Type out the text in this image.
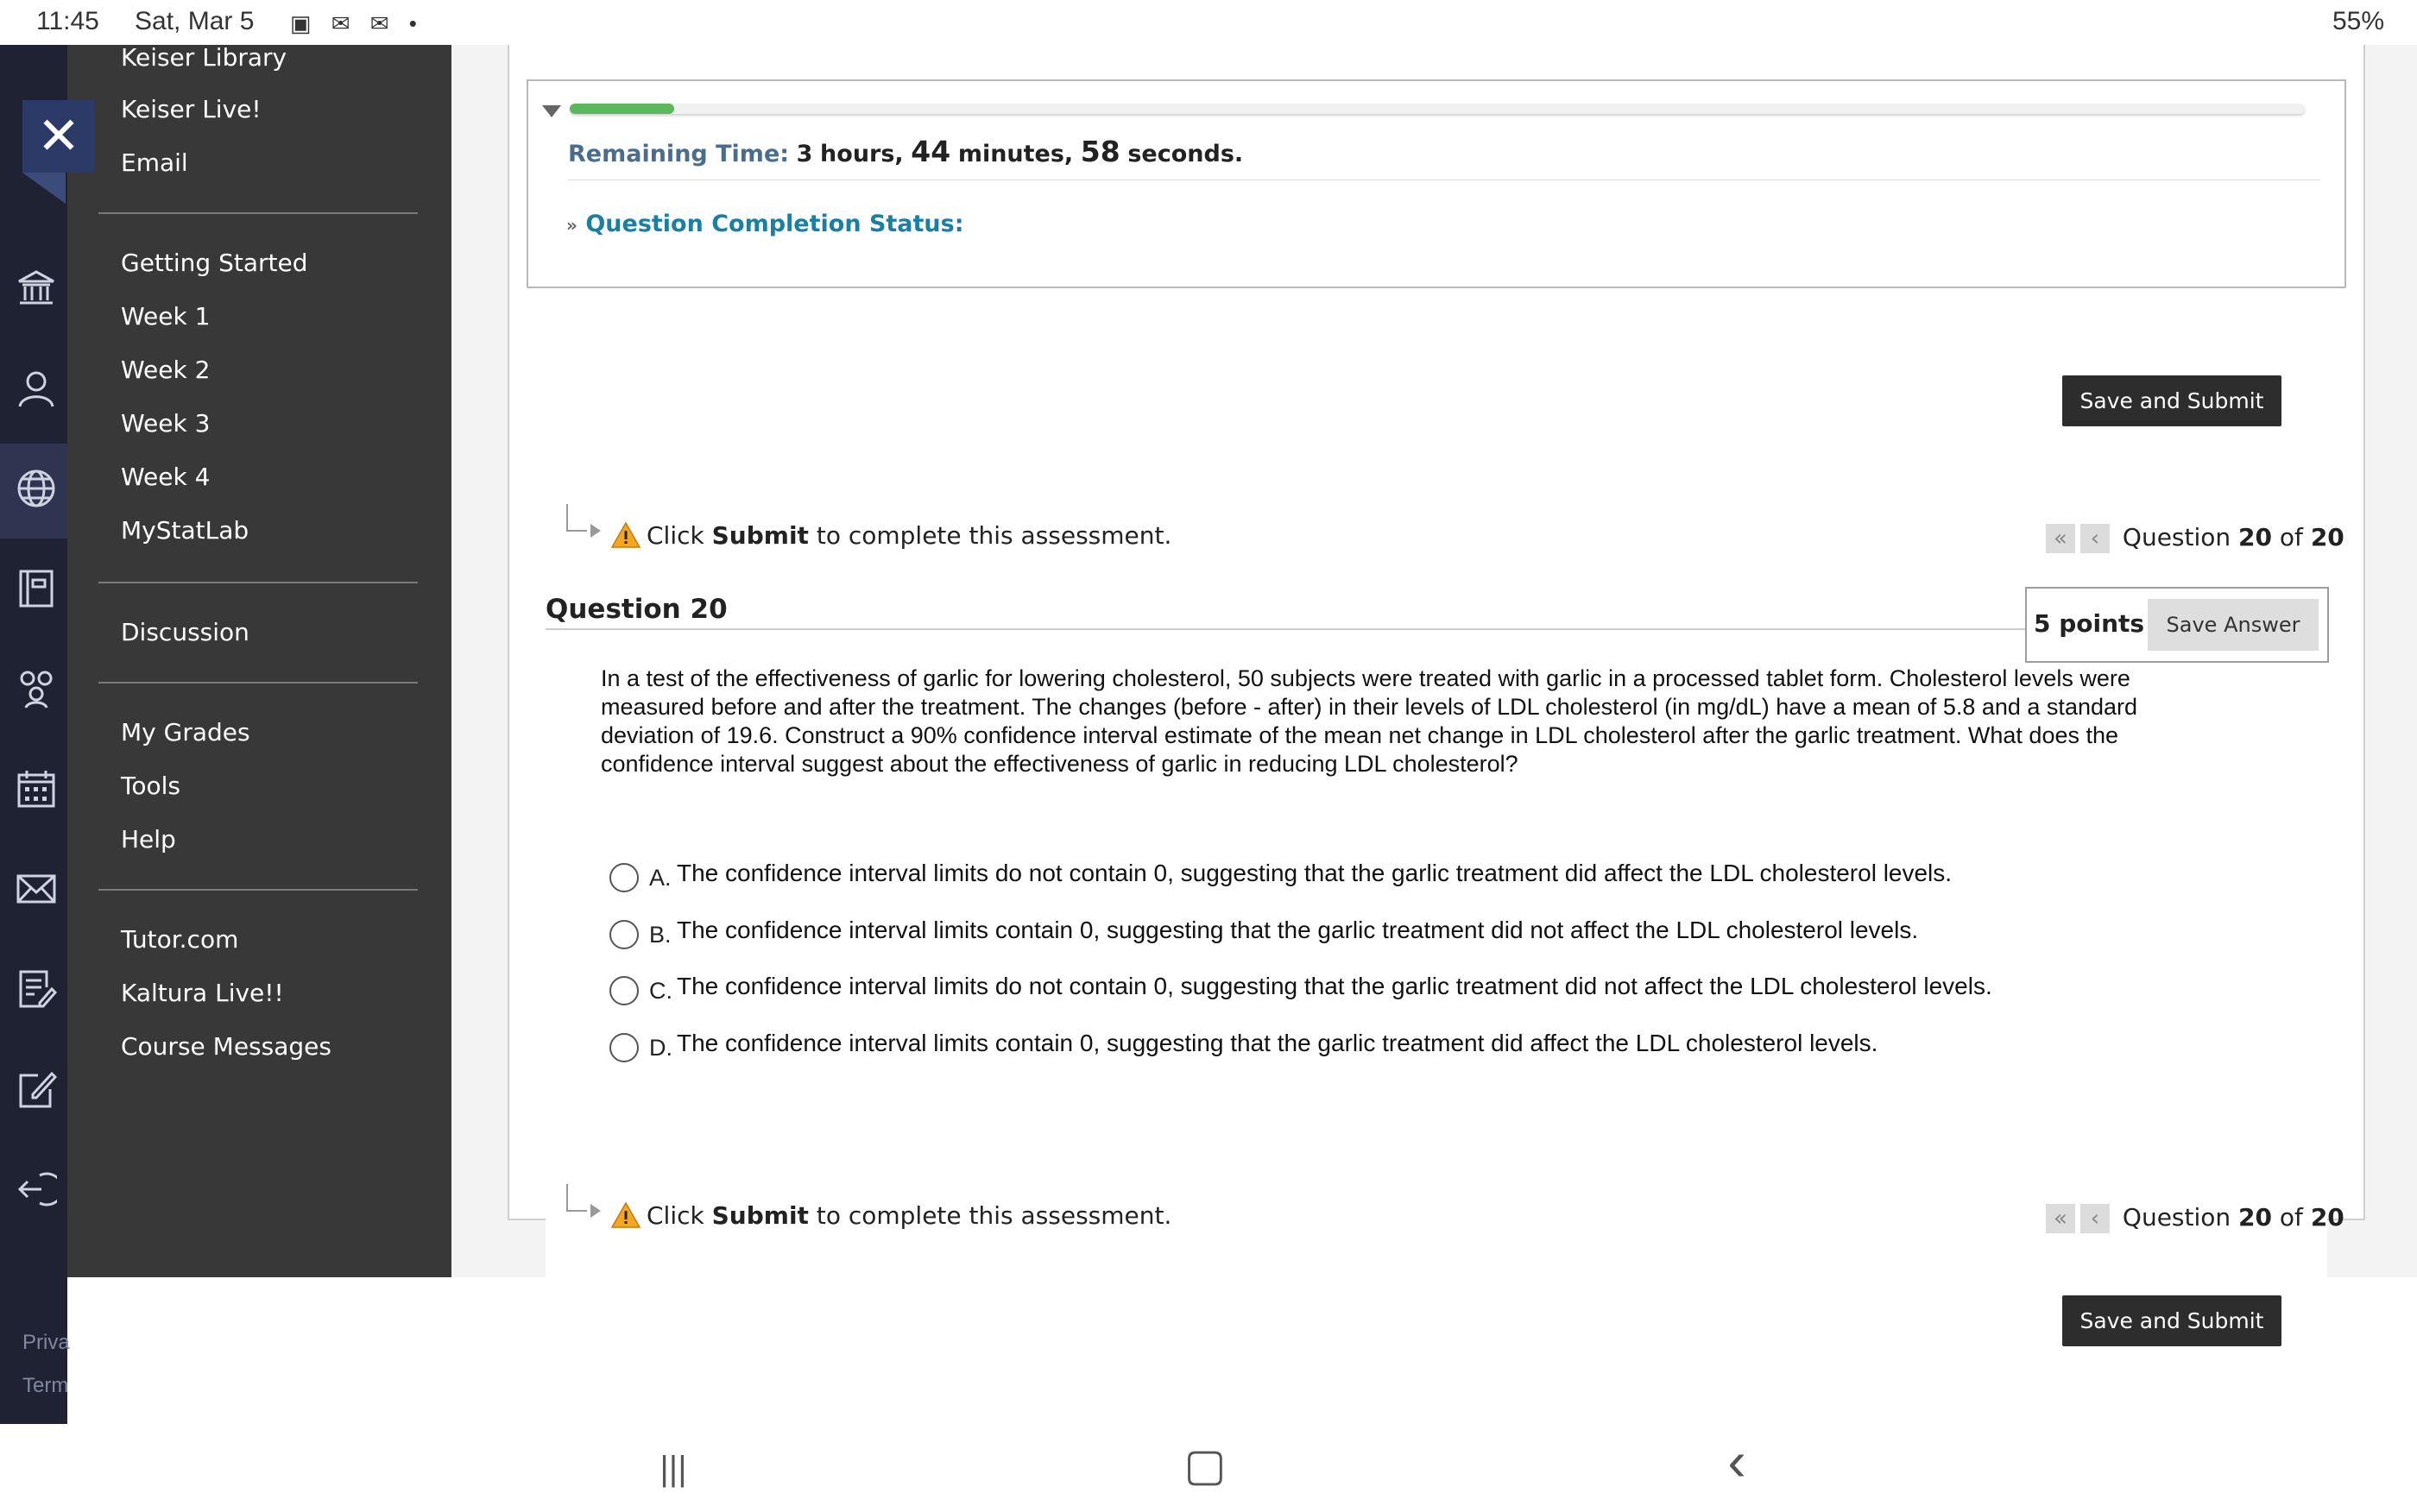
11:45 Sat, Mar 5 ▣ ✉ ✉ •	55%
Priva
Term
✕
Keiser Library
Keiser Live!
Email
Getting Started
Week 1
Week 2
Week 3
Week 4
MyStatLab
Discussion
My Grades
Tools
Help
Tutor.com
Kaltura Live!!
Course Messages
Remaining Time: 3 hours, 44 minutes, 58 seconds.
» Question Completion Status:
Save and Submit
Click Submit to complete this assessment.	« ‹ Question 20 of 20
Question 20	5 points	Save Answer
In a test of the effectiveness of garlic for lowering cholesterol, 50 subjects were treated with garlic in a processed tablet form. Cholesterol levels were measured before and after the treatment. The changes (before - after) in their levels of LDL cholesterol (in mg/dL) have a mean of 5.8 and a standard deviation of 19.6. Construct a 90% confidence interval estimate of the mean net change in LDL cholesterol after the garlic treatment. What does the confidence interval suggest about the effectiveness of garlic in reducing LDL cholesterol?
A. The confidence interval limits do not contain 0, suggesting that the garlic treatment did affect the LDL cholesterol levels.
B. The confidence interval limits contain 0, suggesting that the garlic treatment did not affect the LDL cholesterol levels.
C. The confidence interval limits do not contain 0, suggesting that the garlic treatment did not affect the LDL cholesterol levels.
D. The confidence interval limits contain 0, suggesting that the garlic treatment did affect the LDL cholesterol levels.
Click Submit to complete this assessment.	« ‹ Question 20 of 20
Save and Submit
|||	▢	‹
